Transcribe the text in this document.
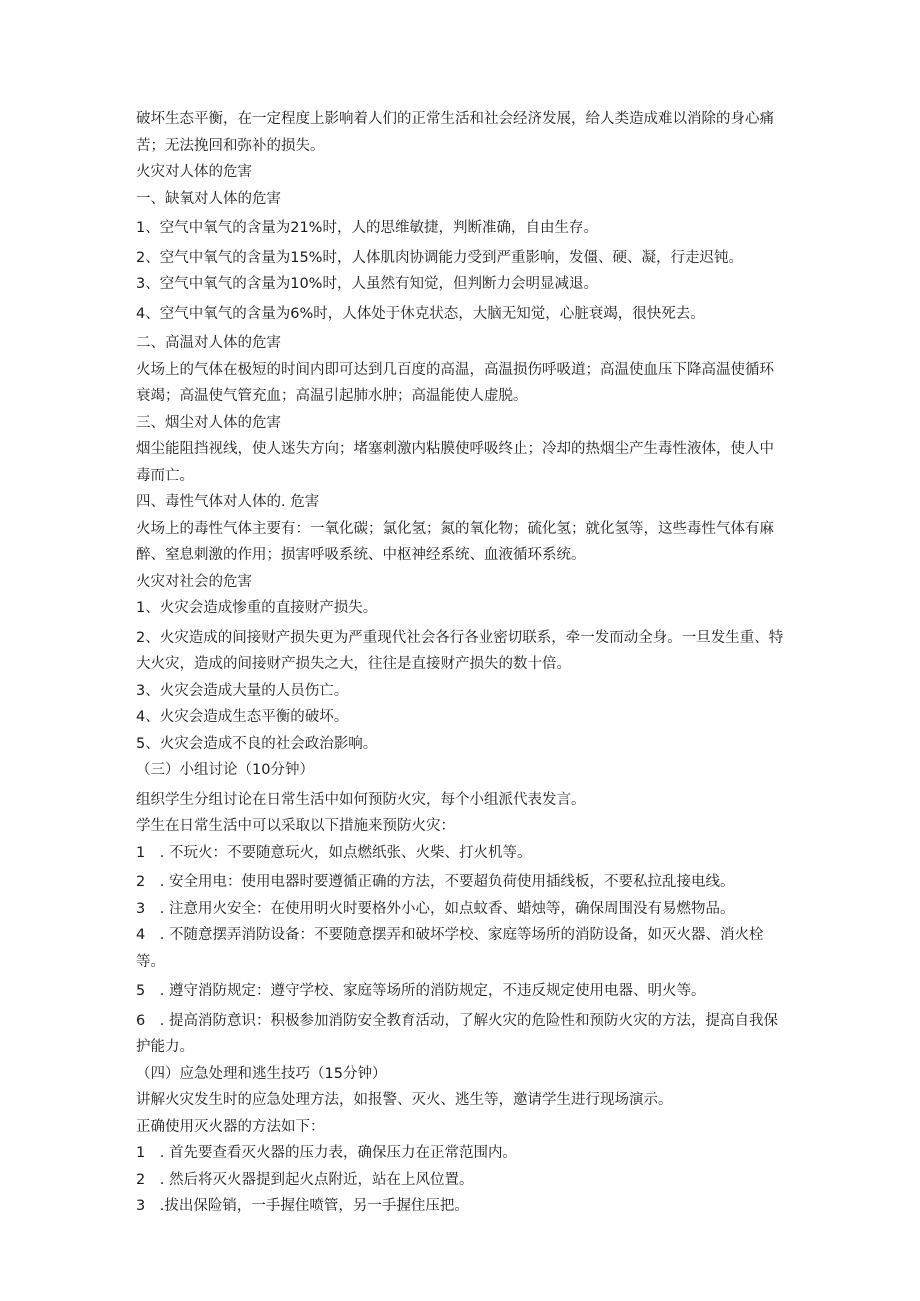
破坏生态平衡，在一定程度上影响着人们的正常生活和社会经济发展，给人类造成难以消除的身心痛苦；无法挽回和弥补的损失。

火灾对人体的危害

一、缺氧对人体的危害

1、空气中氧气的含量为21%时，人的思维敏捷，判断准确，自由生存。

2、空气中氧气的含量为15%时，人体肌肉协调能力受到严重影响，发僵、硬、凝，行走迟钝。

3、空气中氧气的含量为10%时，人虽然有知觉，但判断力会明显减退。

4、空气中氧气的含量为6%时，人体处于休克状态，大脑无知觉，心脏衰竭，很快死去。

二、高温对人体的危害

火场上的气体在极短的时间内即可达到几百度的高温，高温损伤呼吸道；高温使血压下降高温使循环衰竭；高温使气管充血；高温引起肺水肿；高温能使人虚脱。

三、烟尘对人体的危害

烟尘能阻挡视线，使人迷失方向；堵塞刺激内粘膜使呼吸终止；冷却的热烟尘产生毒性液体，使人中毒而亡。

四、毒性气体对人体的. 危害

火场上的毒性气体主要有：一氧化碳；氯化氢；氮的氧化物；硫化氢；就化氢等，这些毒性气体有麻醉、窒息刺激的作用；损害呼吸系统、中枢神经系统、血液循环系统。

火灾对社会的危害

1、火灾会造成惨重的直接财产损失。

2、火灾造成的间接财产损失更为严重现代社会各行各业密切联系，牵一发而动全身。一旦发生重、特大火灾，造成的间接财产损失之大，往往是直接财产损失的数十倍。

3、火灾会造成大量的人员伤亡。

4、火灾会造成生态平衡的破坏。

5、火灾会造成不良的社会政治影响。

（三）小组讨论（10分钟）

组织学生分组讨论在日常生活中如何预防火灾，每个小组派代表发言。

学生在日常生活中可以采取以下措施来预防火灾：

1　. 不玩火：不要随意玩火，如点燃纸张、火柴、打火机等。

2　. 安全用电：使用电器时要遵循正确的方法，不要超负荷使用插线板，不要私拉乱接电线。

3　. 注意用火安全：在使用明火时要格外小心，如点蚊香、蜡烛等，确保周围没有易燃物品。

4　. 不随意摆弄消防设备：不要随意摆弄和破坏学校、家庭等场所的消防设备，如灭火器、消火栓等。

5　. 遵守消防规定：遵守学校、家庭等场所的消防规定，不违反规定使用电器、明火等。

6　. 提高消防意识：积极参加消防安全教育活动，了解火灾的危险性和预防火灾的方法，提高自我保护能力。

（四）应急处理和逃生技巧（15分钟）

讲解火灾发生时的应急处理方法，如报警、灭火、逃生等，邀请学生进行现场演示。

正确使用灭火器的方法如下：

1　. 首先要查看灭火器的压力表，确保压力在正常范围内。

2　. 然后将灭火器提到起火点附近，站在上风位置。

3　.拔出保险销，一手握住喷管，另一手握住压把。
